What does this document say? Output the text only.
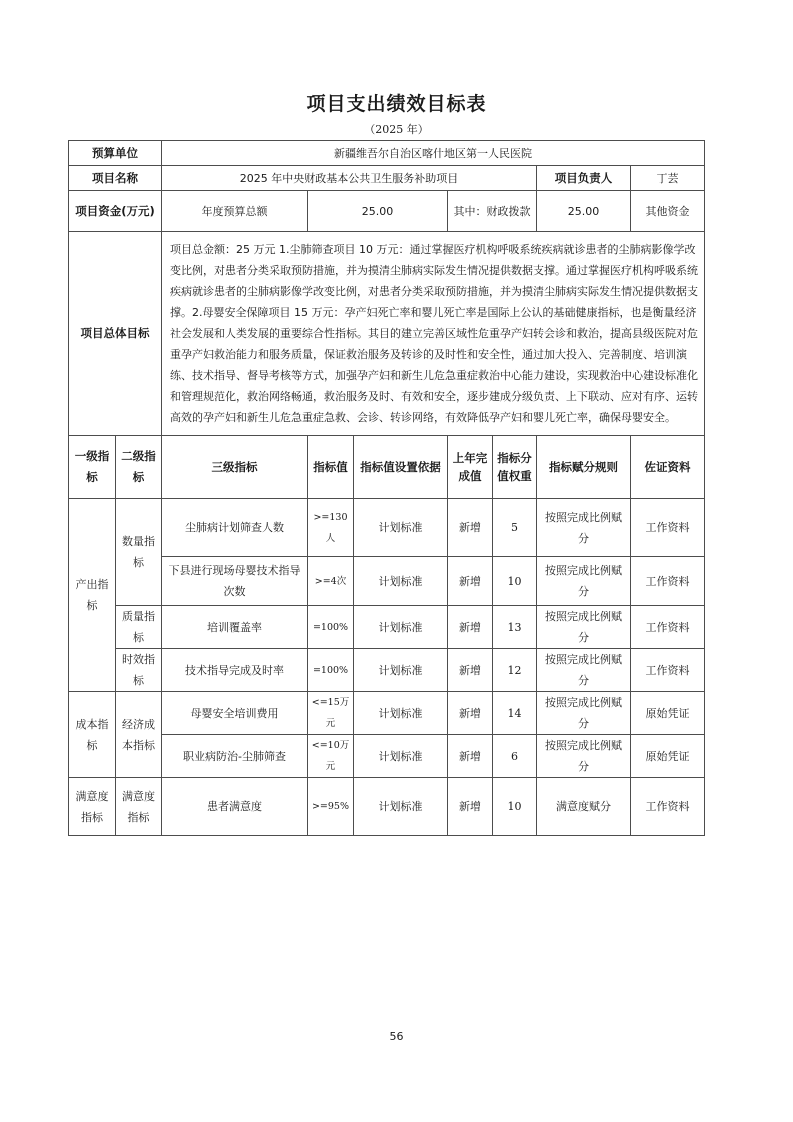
项目支出绩效目标表
（2025 年）
预算单位		新疆维吾尔自治区喀什地区第一人民医院							
项目名称		2025 年中央财政基本公共卫生服务补助项目					项目负责人	丁芸	
项目资金(万元)		年度预算总额	25.00		其中：财政拨款		25.00	其他资金	
项目总体目标		项目总金额：25 万元 1.尘肺筛查项目 10 万元：通过掌握医疗机构呼吸系统疾病就诊患者的尘肺病影像学改变比例，对患者分类采取预防措施，并为摸清尘肺病实际发生情况提供数据支撑。通过掌握医疗机构呼吸系统疾病就诊患者的尘肺病影像学改变比例，对患者分类采取预防措施，并为摸清尘肺病实际发生情况提供数据支撑。2.母婴安全保障项目 15 万元：孕产妇死亡率和婴儿死亡率是国际上公认的基础健康指标，也是衡量经济社会发展和人类发展的重要综合性指标。其目的建立完善区域性危重孕产妇转会诊和救治，提高县级医院对危重孕产妇救治能力和服务质量，保证救治服务及转诊的及时性和安全性，通过加大投入、完善制度、培训演练、技术指导、督导考核等方式，加强孕产妇和新生儿危急重症救治中心能力建设，实现救治中心建设标准化和管理规范化，救治网络畅通，救治服务及时、有效和安全，逐步建成分级负责、上下联动、应对有序、运转高效的孕产妇和新生儿危急重症急救、会诊、转诊网络，有效降低孕产妇和婴儿死亡率，确保母婴安全。							
一级指标	二级指标	三级指标	指标值	指标值设置依据	上年完成值	指标分值权重	指标赋分规则	佐证资料	
产出指标	数量指标	尘肺病计划筛查人数	>=130人	计划标准	新增	5	按照完成比例赋分	工作资料	
		下县进行现场母婴技术指导次数	>=4次	计划标准	新增	10	按照完成比例赋分	工作资料	
	质量指标	培训覆盖率	=100%	计划标准	新增	13	按照完成比例赋分	工作资料	
	时效指标	技术指导完成及时率	=100%	计划标准	新增	12	按照完成比例赋分	工作资料	
成本指标	经济成本指标	母婴安全培训费用	<=15万元	计划标准	新增	14	按照完成比例赋分	原始凭证	
		职业病防治-尘肺筛查	<=10万元	计划标准	新增	6	按照完成比例赋分	原始凭证	
满意度指标	满意度指标	患者满意度	>=95%	计划标准	新增	10	满意度赋分	工作资料	
56
